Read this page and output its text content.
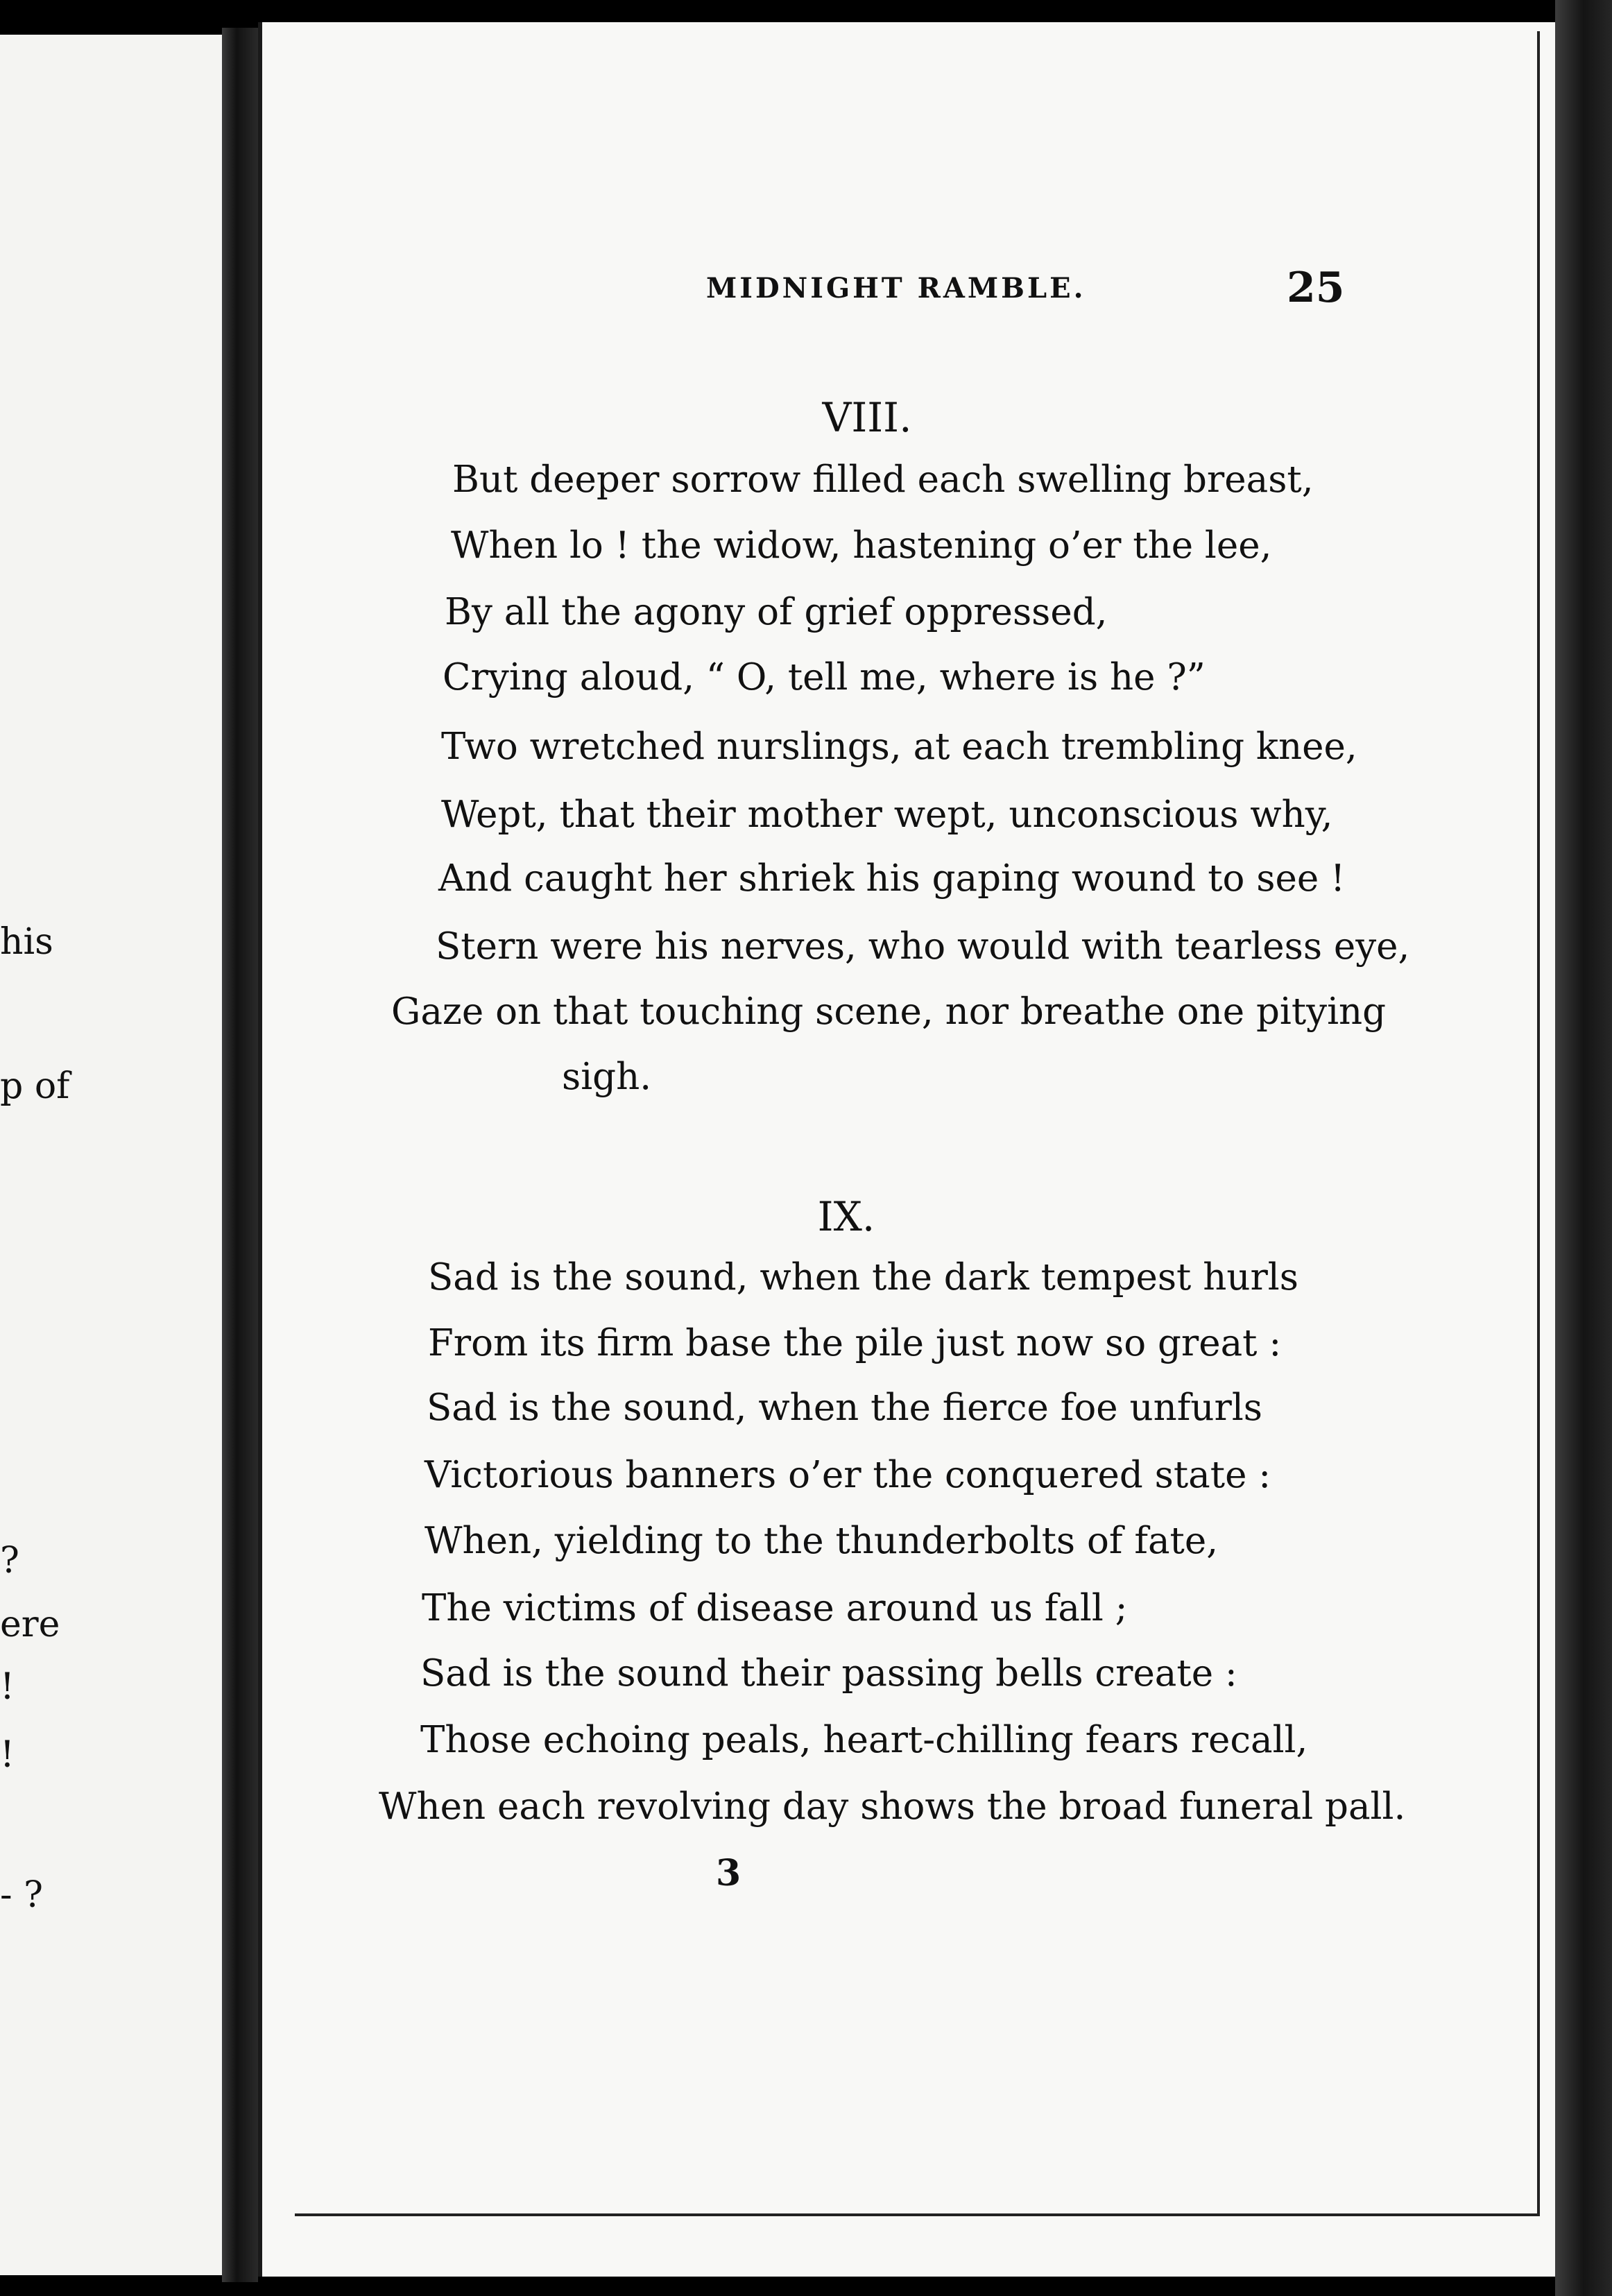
his
p of
?
ere
!
!
- ?
MIDNIGHT RAMBLE.	25
VIII.
But deeper sorrow filled each swelling breast,
When lo ! the widow, hastening o’er the lee,
By all the agony of grief oppressed,
Crying aloud, “ O, tell me, where is he ?”
Two wretched nurslings, at each trembling knee,
Wept, that their mother wept, unconscious why,
And caught her shriek his gaping wound to see !
Stern were his nerves, who would with tearless eye,
Gaze on that touching scene, nor breathe one pitying
sigh.
IX.
Sad is the sound, when the dark tempest hurls
From its firm base the pile just now so great :
Sad is the sound, when the fierce foe unfurls
Victorious banners o’er the conquered state :
When, yielding to the thunderbolts of fate,
The victims of disease around us fall ;
Sad is the sound their passing bells create :
Those echoing peals, heart-chilling fears recall,
When each revolving day shows the broad funeral pall.
3
